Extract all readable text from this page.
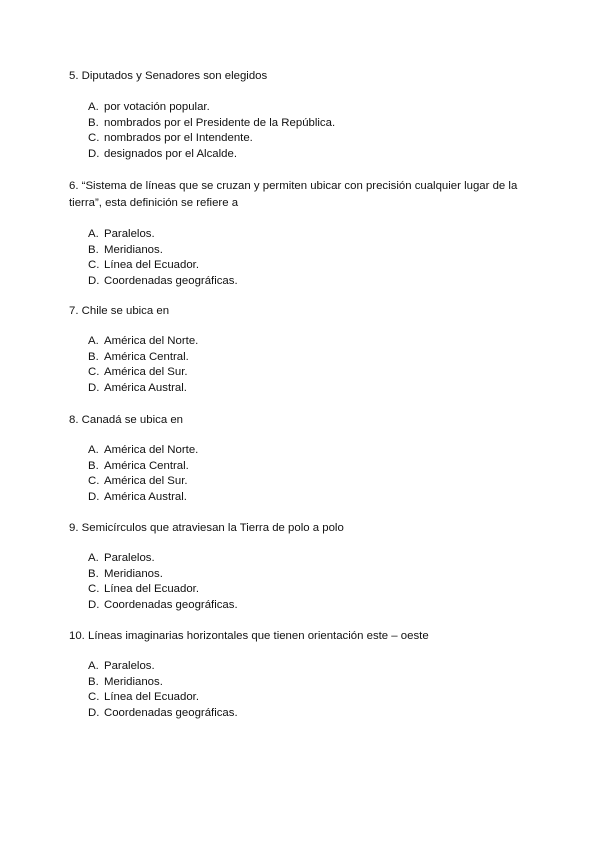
5. Diputados y Senadores son elegidos

A. por votación popular.
B. nombrados por el Presidente de la República.
C. nombrados por el Intendente.
D. designados por el Alcalde.

6. “Sistema de líneas que se cruzan y permiten ubicar con precisión cualquier lugar de la tierra”, esta definición se refiere a

A. Paralelos.
B. Meridianos.
C. Línea del Ecuador.
D. Coordenadas geográficas.

7. Chile se ubica en

A. América del Norte.
B. América Central.
C. América del Sur.
D. América Austral.

8. Canadá se ubica en

A. América del Norte.
B. América Central.
C. América del Sur.
D. América Austral.

9. Semicírculos que atraviesan la Tierra de polo a polo

A. Paralelos.
B. Meridianos.
C. Línea del Ecuador.
D. Coordenadas geográficas.

10. Líneas imaginarias horizontales que tienen orientación este – oeste

A. Paralelos.
B. Meridianos.
C. Línea del Ecuador.
D. Coordenadas geográficas.
